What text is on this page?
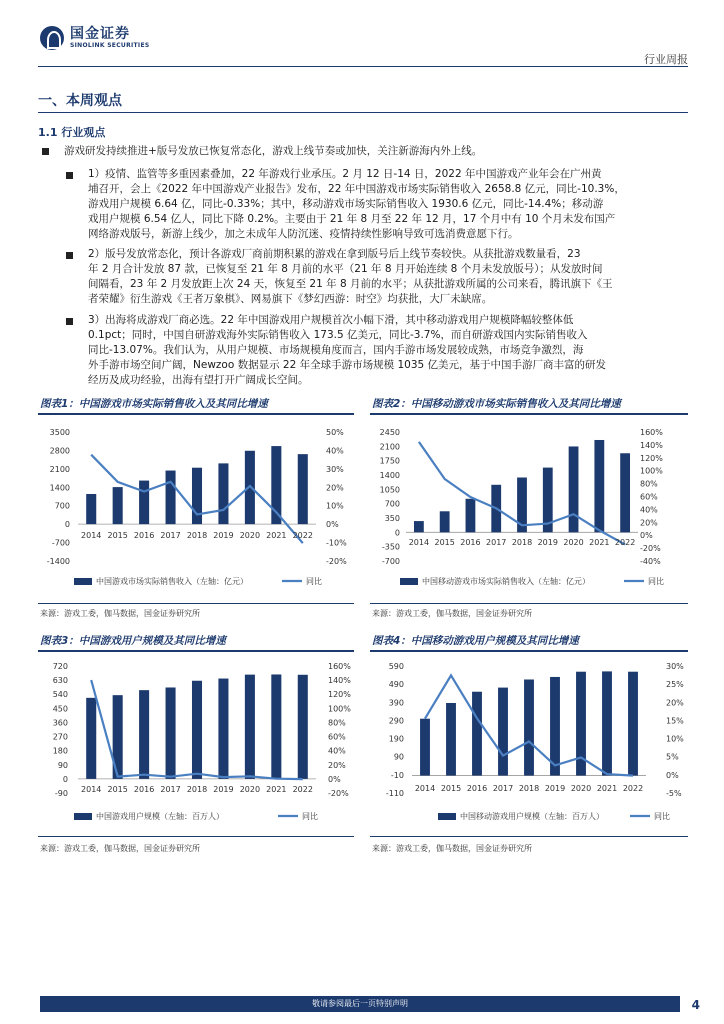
国金证券
SINOLINK SECURITIES
行业周报
一、本周观点
1.1 行业观点
游戏研发持续推进+版号发放已恢复常态化，游戏上线节奏或加快，关注新游海内外上线。
1）疫情、监管等多重因素叠加，22 年游戏行业承压。2 月 12 日-14 日，2022 年中国游戏产业年会在广州黄
埔召开，会上《2022 年中国游戏产业报告》发布，22 年中国游戏市场实际销售收入 2658.8 亿元，同比-10.3%，
游戏用户规模 6.64 亿，同比-0.33%；其中，移动游戏市场实际销售收入 1930.6 亿元，同比-14.4%；移动游
戏用户规模 6.54 亿人，同比下降 0.2%。主要由于 21 年 8 月至 22 年 12 月，17 个月中有 10 个月未发布国产
网络游戏版号，新游上线少，加之未成年人防沉迷、疫情持续性影响导致可选消费意愿下行。
2）版号发放常态化，预计各游戏厂商前期积累的游戏在拿到版号后上线节奏较快。从获批游戏数量看，23
年 2 月合计发放 87 款，已恢复至 21 年 8 月前的水平（21 年 8 月开始连续 8 个月未发放版号）；从发放时间
间隔看，23 年 2 月发放距上次 24 天，恢复至 21 年 8 月前的水平；从获批游戏所属的公司来看，腾讯旗下《王
者荣耀》衍生游戏《王者万象棋》、网易旗下《梦幻西游：时空》均获批，大厂未缺席。
3）出海将成游戏厂商必选。22 年中国游戏用户规模首次小幅下滑，其中移动游戏用户规模降幅较整体低
0.1pct；同时，中国自研游戏海外实际销售收入 173.5 亿美元，同比-3.7%，而自研游戏国内实际销售收入
同比-13.07%。我们认为，从用户规模、市场规模角度而言，国内手游市场发展较成熟，市场竞争激烈，海
外手游市场空间广阔，Newzoo 数据显示 22 年全球手游市场规模 1035 亿美元，基于中国手游厂商丰富的研发
经历及成功经验，出海有望打开广阔成长空间。
图表1：中国游戏市场实际销售收入及其同比增速	图表2：中国移动游戏市场实际销售收入及其同比增速
3500
2800
2100
1400
700
0
-700
-1400
50%
40%
30%
20%
10%
0%
-10%
-20%
2014 2015 2016 2017 2018 2019 2020 2021 2022
中国游戏市场实际销售收入（左轴：亿元）	同比
2450
2100
1750
1400
1050
700
350
0
-350
-700
160%
140%
120%
100%
80%
60%
40%
20%
0%
-20%
-40%
2014 2015 2016 2017 2018 2019 2020 2021 2022
中国移动游戏市场实际销售收入（左轴：亿元）	同比
来源：游戏工委，伽马数据，国金证券研究所	来源：游戏工委，伽马数据，国金证券研究所
图表3：中国游戏用户规模及其同比增速	图表4：中国移动游戏用户规模及其同比增速
720
630
540
450
360
270
180
90
0
-90
160%
140%
120%
100%
80%
60%
40%
20%
0%
-20%
2014 2015 2016 2017 2018 2019 2020 2021 2022
中国游戏用户规模（左轴：百万人）	同比
590
490
390
290
190
90
-10
-110
30%
25%
20%
15%
10%
5%
0%
-5%
2014 2015 2016 2017 2018 2019 2020 2021 2022
中国移动游戏用户规模（左轴：百万人）	同比
来源：游戏工委，伽马数据，国金证券研究所	来源：游戏工委，伽马数据，国金证券研究所
敬请参阅最后一页特别声明	4
